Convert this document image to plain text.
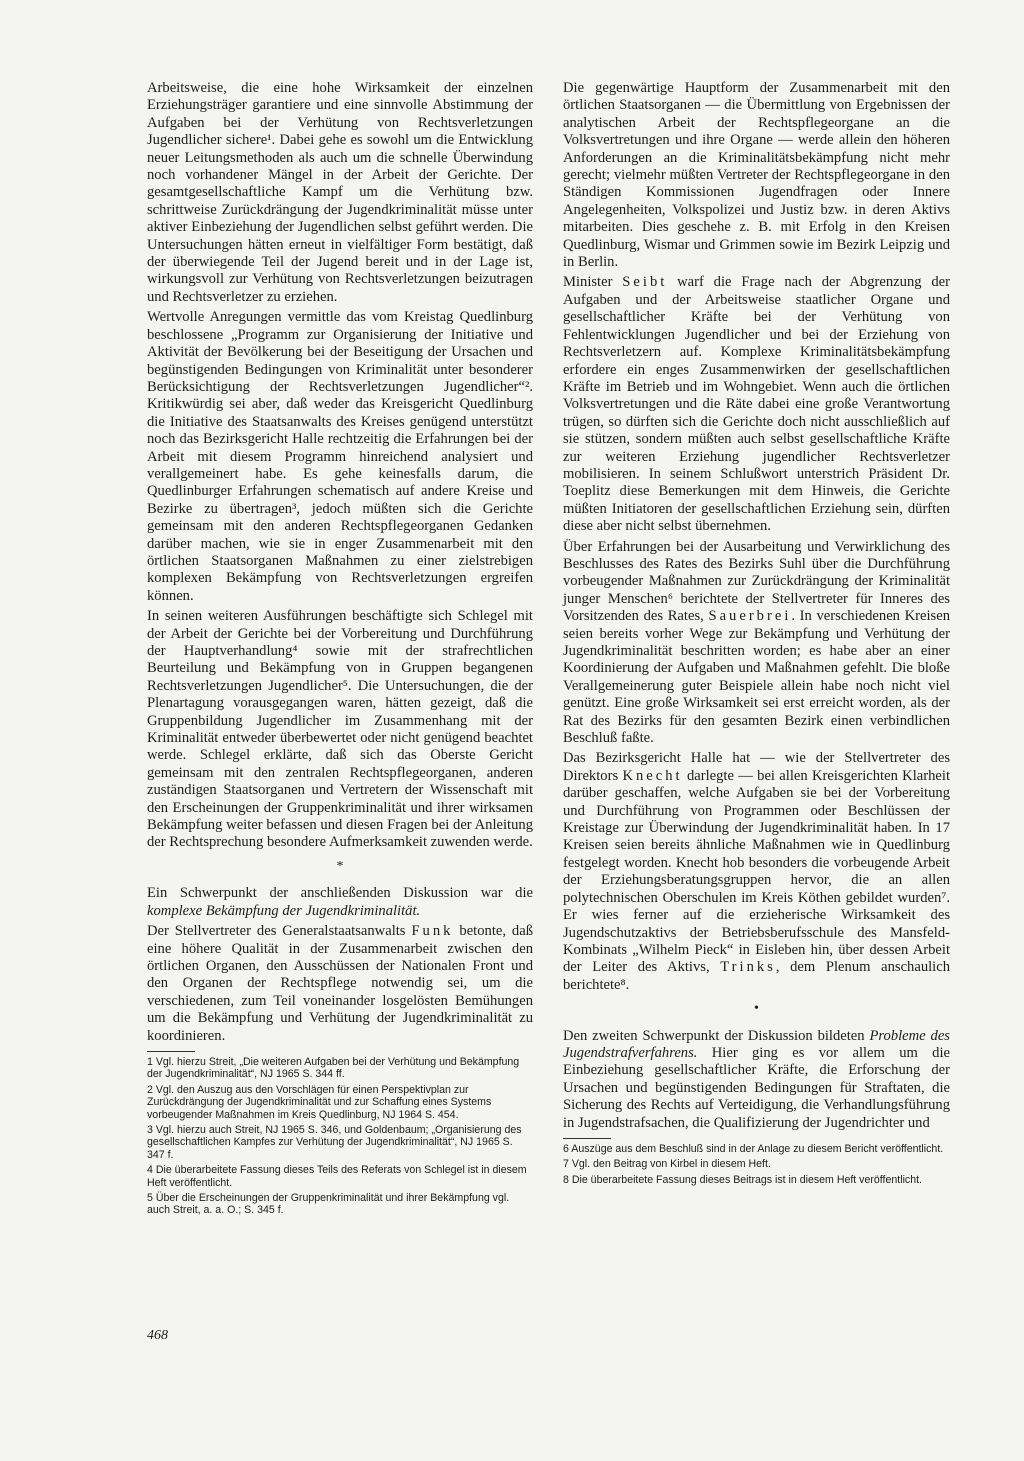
Arbeitsweise, die eine hohe Wirksamkeit der einzelnen Erziehungsträger garantiere und eine sinnvolle Abstimmung der Aufgaben bei der Verhütung von Rechtsverletzungen Jugendlicher sichere¹. Dabei gehe es sowohl um die Entwicklung neuer Leitungsmethoden als auch um die schnelle Überwindung noch vorhandener Mängel in der Arbeit der Gerichte. Der gesamtgesellschaftliche Kampf um die Verhütung bzw. schrittweise Zurückdrängung der Jugendkriminalität müsse unter aktiver Einbeziehung der Jugendlichen selbst geführt werden. Die Untersuchungen hätten erneut in vielfältiger Form bestätigt, daß der überwiegende Teil der Jugend bereit und in der Lage ist, wirkungsvoll zur Verhütung von Rechtsverletzungen beizutragen und Rechtsverletzer zu erziehen.

Wertvolle Anregungen vermittle das vom Kreistag Quedlinburg beschlossene „Programm zur Organisierung der Initiative und Aktivität der Bevölkerung bei der Beseitigung der Ursachen und begünstigenden Bedingungen von Kriminalität unter besonderer Berücksichtigung der Rechtsverletzungen Jugendlicher“². Kritikwürdig sei aber, daß weder das Kreisgericht Quedlinburg die Initiative des Staatsanwalts des Kreises genügend unterstützt noch das Bezirksgericht Halle rechtzeitig die Erfahrungen bei der Arbeit mit diesem Programm hinreichend analysiert und verallgemeinert habe. Es gehe keinesfalls darum, die Quedlinburger Erfahrungen schematisch auf andere Kreise und Bezirke zu übertragen³, jedoch müßten sich die Gerichte gemeinsam mit den anderen Rechtspflegeorganen Gedanken darüber machen, wie sie in enger Zusammenarbeit mit den örtlichen Staatsorganen Maßnahmen zu einer zielstrebigen komplexen Bekämpfung von Rechtsverletzungen ergreifen können.

In seinen weiteren Ausführungen beschäftigte sich Schlegel mit der Arbeit der Gerichte bei der Vorbereitung und Durchführung der Hauptverhandlung⁴ sowie mit der strafrechtlichen Beurteilung und Bekämpfung von in Gruppen begangenen Rechtsverletzungen Jugendlicher⁵. Die Untersuchungen, die der Plenartagung vorausgegangen waren, hätten gezeigt, daß die Gruppenbildung Jugendlicher im Zusammenhang mit der Kriminalität entweder überbewertet oder nicht genügend beachtet werde. Schlegel erklärte, daß sich das Oberste Gericht gemeinsam mit den zentralen Rechtspflegeorganen, anderen zuständigen Staatsorganen und Vertretern der Wissenschaft mit den Erscheinungen der Gruppenkriminalität und ihrer wirksamen Bekämpfung weiter befassen und diesen Fragen bei der Anleitung der Rechtsprechung besondere Aufmerksamkeit zuwenden werde.

*

Ein Schwerpunkt der anschließenden Diskussion war die komplexe Bekämpfung der Jugendkriminalität.

Der Stellvertreter des Generalstaatsanwalts Funk betonte, daß eine höhere Qualität in der Zusammenarbeit zwischen den örtlichen Organen, den Ausschüssen der Nationalen Front und den Organen der Rechtspflege notwendig sei, um die verschiedenen, zum Teil voneinander losgelösten Bemühungen um die Bekämpfung und Verhütung der Jugendkriminalität zu koordinieren.

1 Vgl. hierzu Streit, „Die weiteren Aufgaben bei der Verhütung und Bekämpfung der Jugendkriminalität“, NJ 1965 S. 344 ff.

2 Vgl. den Auszug aus den Vorschlägen für einen Perspektivplan zur Zurückdrängung der Jugendkriminalität und zur Schaffung eines Systems vorbeugender Maßnahmen im Kreis Quedlinburg, NJ 1964 S. 454.

3 Vgl. hierzu auch Streit, NJ 1965 S. 346, und Goldenbaum; „Organisierung des gesellschaftlichen Kampfes zur Verhütung der Jugendkriminalität“, NJ 1965 S. 347 f.

4 Die überarbeitete Fassung dieses Teils des Referats von Schlegel ist in diesem Heft veröffentlicht.

5 Über die Erscheinungen der Gruppenkriminalität und ihrer Bekämpfung vgl. auch Streit, a. a. O.; S. 345 f.

Die gegenwärtige Hauptform der Zusammenarbeit mit den örtlichen Staatsorganen — die Übermittlung von Ergebnissen der analytischen Arbeit der Rechtspflegeorgane an die Volksvertretungen und ihre Organe — werde allein den höheren Anforderungen an die Kriminalitätsbekämpfung nicht mehr gerecht; vielmehr müßten Vertreter der Rechtspflegeorgane in den Ständigen Kommissionen Jugendfragen oder Innere Angelegenheiten, Volkspolizei und Justiz bzw. in deren Aktivs mitarbeiten. Dies geschehe z. B. mit Erfolg in den Kreisen Quedlinburg, Wismar und Grimmen sowie im Bezirk Leipzig und in Berlin.

Minister Seibt warf die Frage nach der Abgrenzung der Aufgaben und der Arbeitsweise staatlicher Organe und gesellschaftlicher Kräfte bei der Verhütung von Fehlentwicklungen Jugendlicher und bei der Erziehung von Rechtsverletzern auf. Komplexe Kriminalitätsbekämpfung erfordere ein enges Zusammenwirken der gesellschaftlichen Kräfte im Betrieb und im Wohngebiet. Wenn auch die örtlichen Volksvertretungen und die Räte dabei eine große Verantwortung trügen, so dürften sich die Gerichte doch nicht ausschließlich auf sie stützen, sondern müßten auch selbst gesellschaftliche Kräfte zur weiteren Erziehung jugendlicher Rechtsverletzer mobilisieren. In seinem Schlußwort unterstrich Präsident Dr. Toeplitz diese Bemerkungen mit dem Hinweis, die Gerichte müßten Initiatoren der gesellschaftlichen Erziehung sein, dürften diese aber nicht selbst übernehmen.

Über Erfahrungen bei der Ausarbeitung und Verwirklichung des Beschlusses des Rates des Bezirks Suhl über die Durchführung vorbeugender Maßnahmen zur Zurückdrängung der Kriminalität junger Menschen⁶ berichtete der Stellvertreter für Inneres des Vorsitzenden des Rates, Sauerbrei. In verschiedenen Kreisen seien bereits vorher Wege zur Bekämpfung und Verhütung der Jugendkriminalität beschritten worden; es habe aber an einer Koordinierung der Aufgaben und Maßnahmen gefehlt. Die bloße Verallgemeinerung guter Beispiele allein habe noch nicht viel genützt. Eine große Wirksamkeit sei erst erreicht worden, als der Rat des Bezirks für den gesamten Bezirk einen verbindlichen Beschluß faßte.

Das Bezirksgericht Halle hat — wie der Stellvertreter des Direktors Knecht darlegte — bei allen Kreisgerichten Klarheit darüber geschaffen, welche Aufgaben sie bei der Vorbereitung und Durchführung von Programmen oder Beschlüssen der Kreistage zur Überwindung der Jugendkriminalität haben. In 17 Kreisen seien bereits ähnliche Maßnahmen wie in Quedlinburg festgelegt worden. Knecht hob besonders die vorbeugende Arbeit der Erziehungsberatungsgruppen hervor, die an allen polytechnischen Oberschulen im Kreis Köthen gebildet wurden⁷. Er wies ferner auf die erzieherische Wirksamkeit des Jugendschutzaktivs der Betriebsberufsschule des Mansfeld-Kombinats „Wilhelm Pieck“ in Eisleben hin, über dessen Arbeit der Leiter des Aktivs, Trinks, dem Plenum anschaulich berichtete⁸.

•

Den zweiten Schwerpunkt der Diskussion bildeten Probleme des Jugendstrafverfahrens. Hier ging es vor allem um die Einbeziehung gesellschaftlicher Kräfte, die Erforschung der Ursachen und begünstigenden Bedingungen für Straftaten, die Sicherung des Rechts auf Verteidigung, die Verhandlungsführung in Jugendstrafsachen, die Qualifizierung der Jugendrichter und

6 Auszüge aus dem Beschluß sind in der Anlage zu diesem Bericht veröffentlicht.

7 Vgl. den Beitrag von Kirbel in diesem Heft.

8 Die überarbeitete Fassung dieses Beitrags ist in diesem Heft veröffentlicht.

468
